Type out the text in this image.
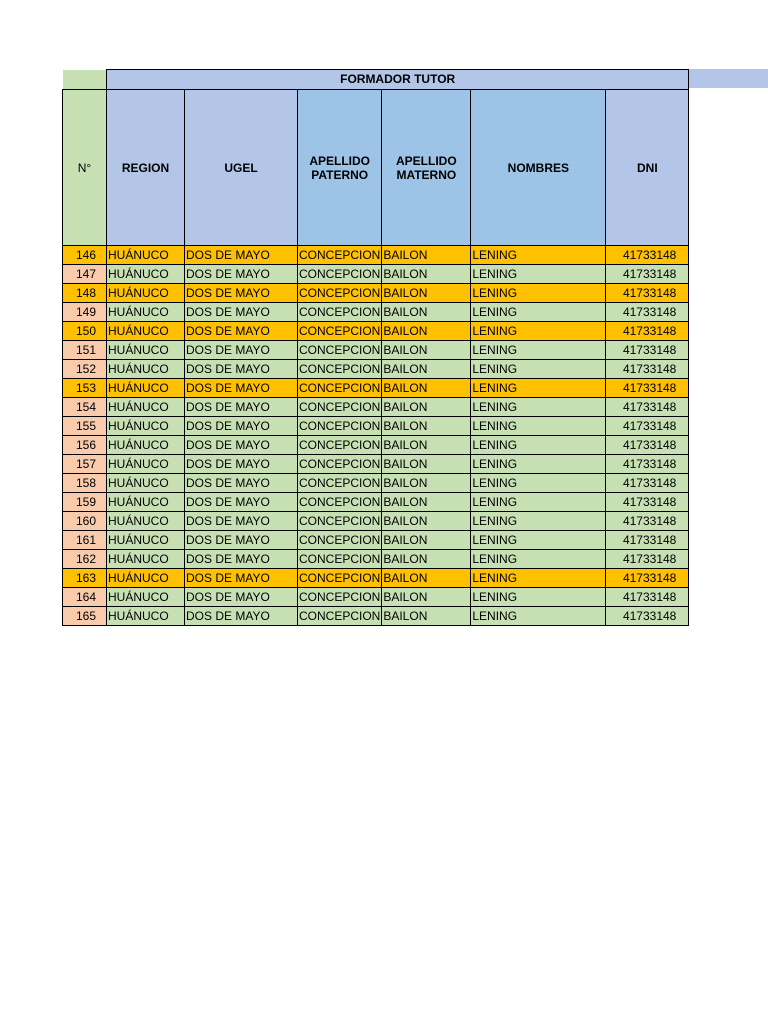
	FORMADOR TUTOR					
N°	REGION	UGEL	APELLIDO PATERNO	APELLIDO MATERNO	NOMBRES	DNI
146	HUÁNUCO	DOS DE MAYO	CONCEPCION	BAILON	LENING	41733148
147	HUÁNUCO	DOS DE MAYO	CONCEPCION	BAILON	LENING	41733148
148	HUÁNUCO	DOS DE MAYO	CONCEPCION	BAILON	LENING	41733148
149	HUÁNUCO	DOS DE MAYO	CONCEPCION	BAILON	LENING	41733148
150	HUÁNUCO	DOS DE MAYO	CONCEPCION	BAILON	LENING	41733148
151	HUÁNUCO	DOS DE MAYO	CONCEPCION	BAILON	LENING	41733148
152	HUÁNUCO	DOS DE MAYO	CONCEPCION	BAILON	LENING	41733148
153	HUÁNUCO	DOS DE MAYO	CONCEPCION	BAILON	LENING	41733148
154	HUÁNUCO	DOS DE MAYO	CONCEPCION	BAILON	LENING	41733148
155	HUÁNUCO	DOS DE MAYO	CONCEPCION	BAILON	LENING	41733148
156	HUÁNUCO	DOS DE MAYO	CONCEPCION	BAILON	LENING	41733148
157	HUÁNUCO	DOS DE MAYO	CONCEPCION	BAILON	LENING	41733148
158	HUÁNUCO	DOS DE MAYO	CONCEPCION	BAILON	LENING	41733148
159	HUÁNUCO	DOS DE MAYO	CONCEPCION	BAILON	LENING	41733148
160	HUÁNUCO	DOS DE MAYO	CONCEPCION	BAILON	LENING	41733148
161	HUÁNUCO	DOS DE MAYO	CONCEPCION	BAILON	LENING	41733148
162	HUÁNUCO	DOS DE MAYO	CONCEPCION	BAILON	LENING	41733148
163	HUÁNUCO	DOS DE MAYO	CONCEPCION	BAILON	LENING	41733148
164	HUÁNUCO	DOS DE MAYO	CONCEPCION	BAILON	LENING	41733148
165	HUÁNUCO	DOS DE MAYO	CONCEPCION	BAILON	LENING	41733148
